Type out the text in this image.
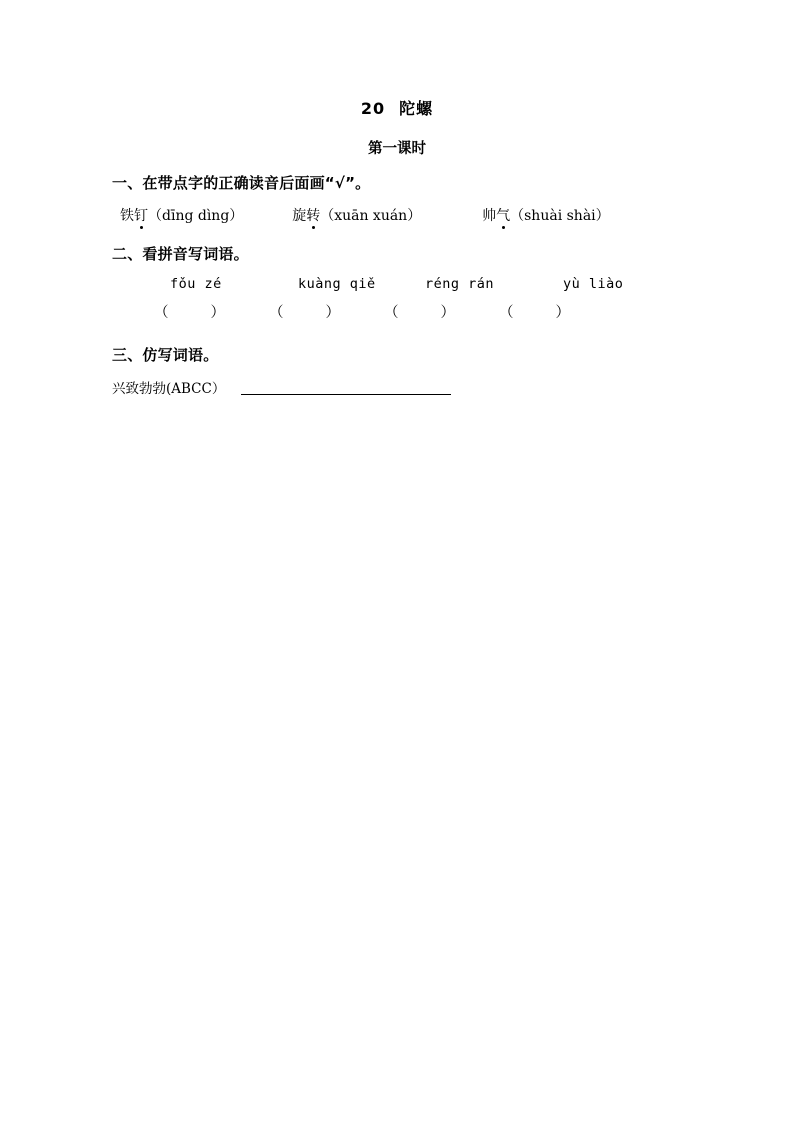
20 陀螺
第一课时
一、在带点字的正确读音后面画“√”。
铁钉（dīng dìng）	旋转（xuān xuán）	帅气（shuài shài）
二、看拼音写词语。
fǒu zé	kuàng qiě	réng rán	yù liào
（	）	（	）	（	）	（	）
三、仿写词语。
兴致勃勃(ABCC）
